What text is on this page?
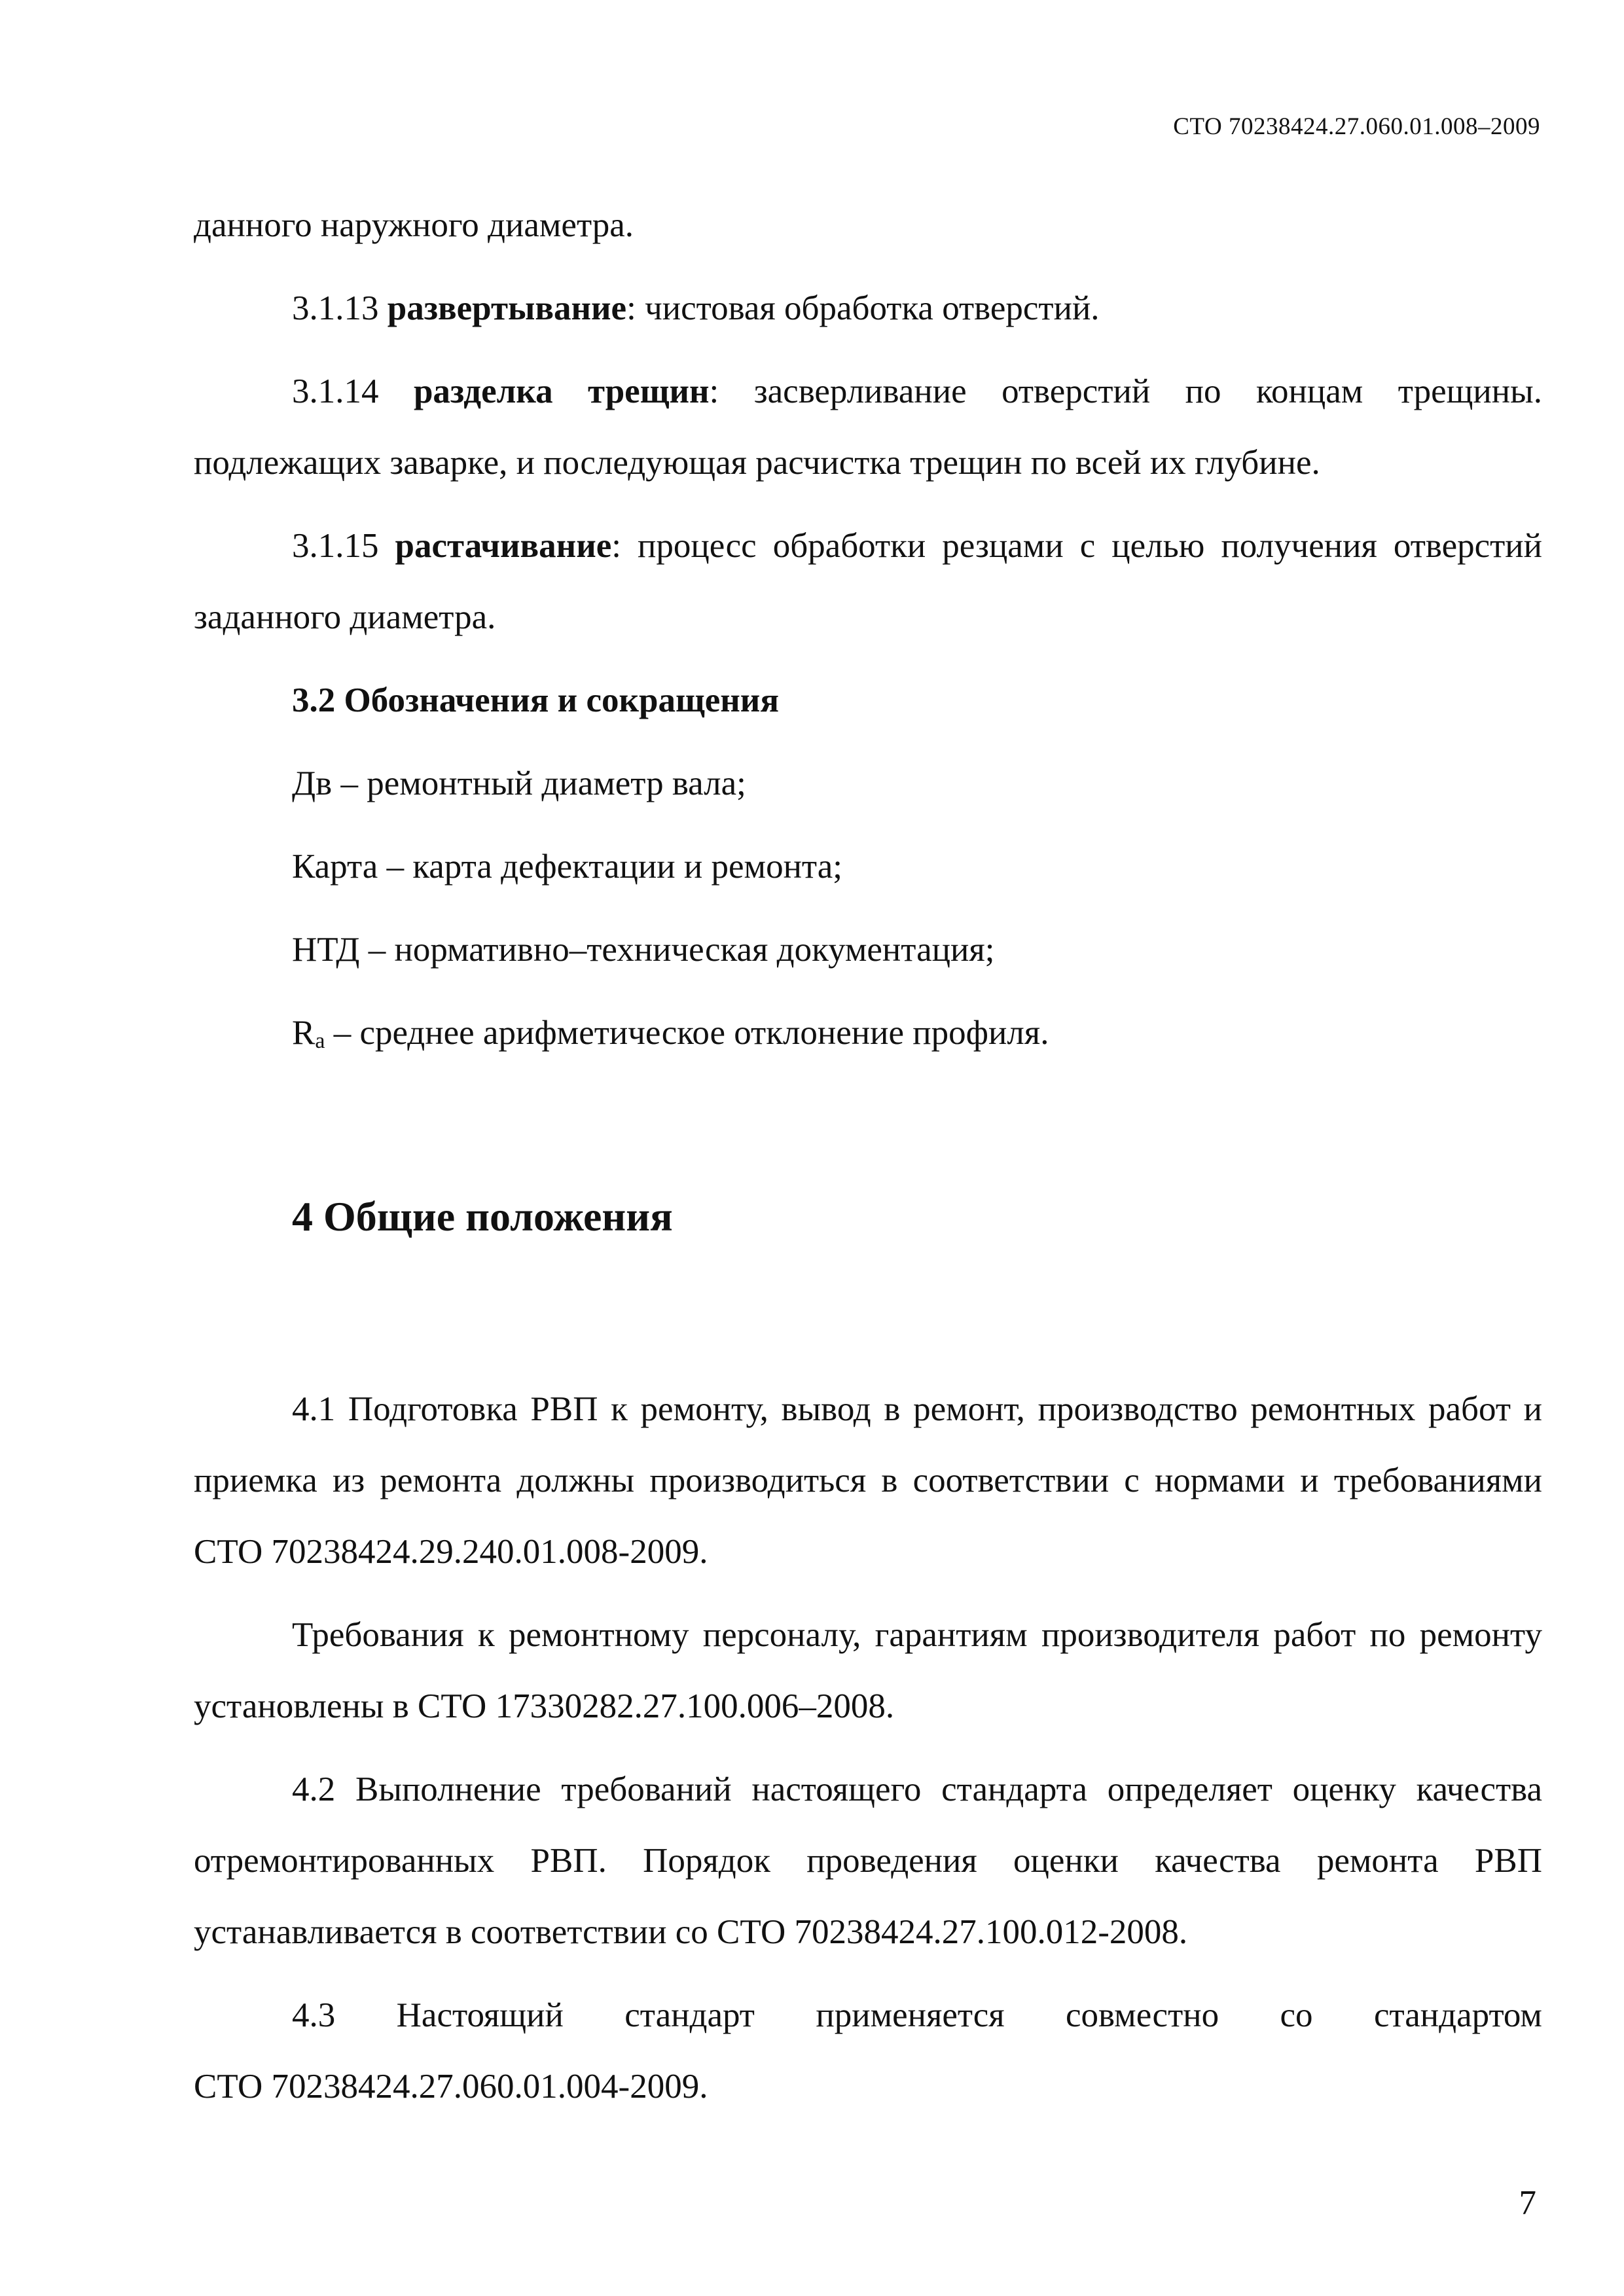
СТО 70238424.27.060.01.008–2009

данного наружного диаметра.

3.1.13 развертывание: чистовая обработка отверстий.

3.1.14 разделка трещин: засверливание отверстий по концам трещины. подлежащих заварке, и последующая расчистка трещин по всей их глубине.

3.1.15 растачивание: процесс обработки резцами с целью получения отверстий заданного диаметра.

3.2 Обозначения и сокращения
Дв – ремонтный диаметр вала;
Карта – карта дефектации и ремонта;
НТД – нормативно–техническая документация;
$R_a$ – среднее арифметическое отклонение профиля.
4 Общие положения

4.1 Подготовка РВП к ремонту, вывод в ремонт, производство ремонтных работ и приемка из ремонта должны производиться в соответствии с нормами и требованиями СТО 70238424.29.240.01.008-2009.

Требования к ремонтному персоналу, гарантиям производителя работ по ремонту установлены в СТО 17330282.27.100.006–2008.

4.2 Выполнение требований настоящего стандарта определяет оценку качества отремонтированных РВП. Порядок проведения оценки качества ремонта РВП устанавливается в соответствии со СТО 70238424.27.100.012-2008.

4.3 Настоящий стандарт применяется совместно со стандартом

СТО 70238424.27.060.01.004-2009.

7
